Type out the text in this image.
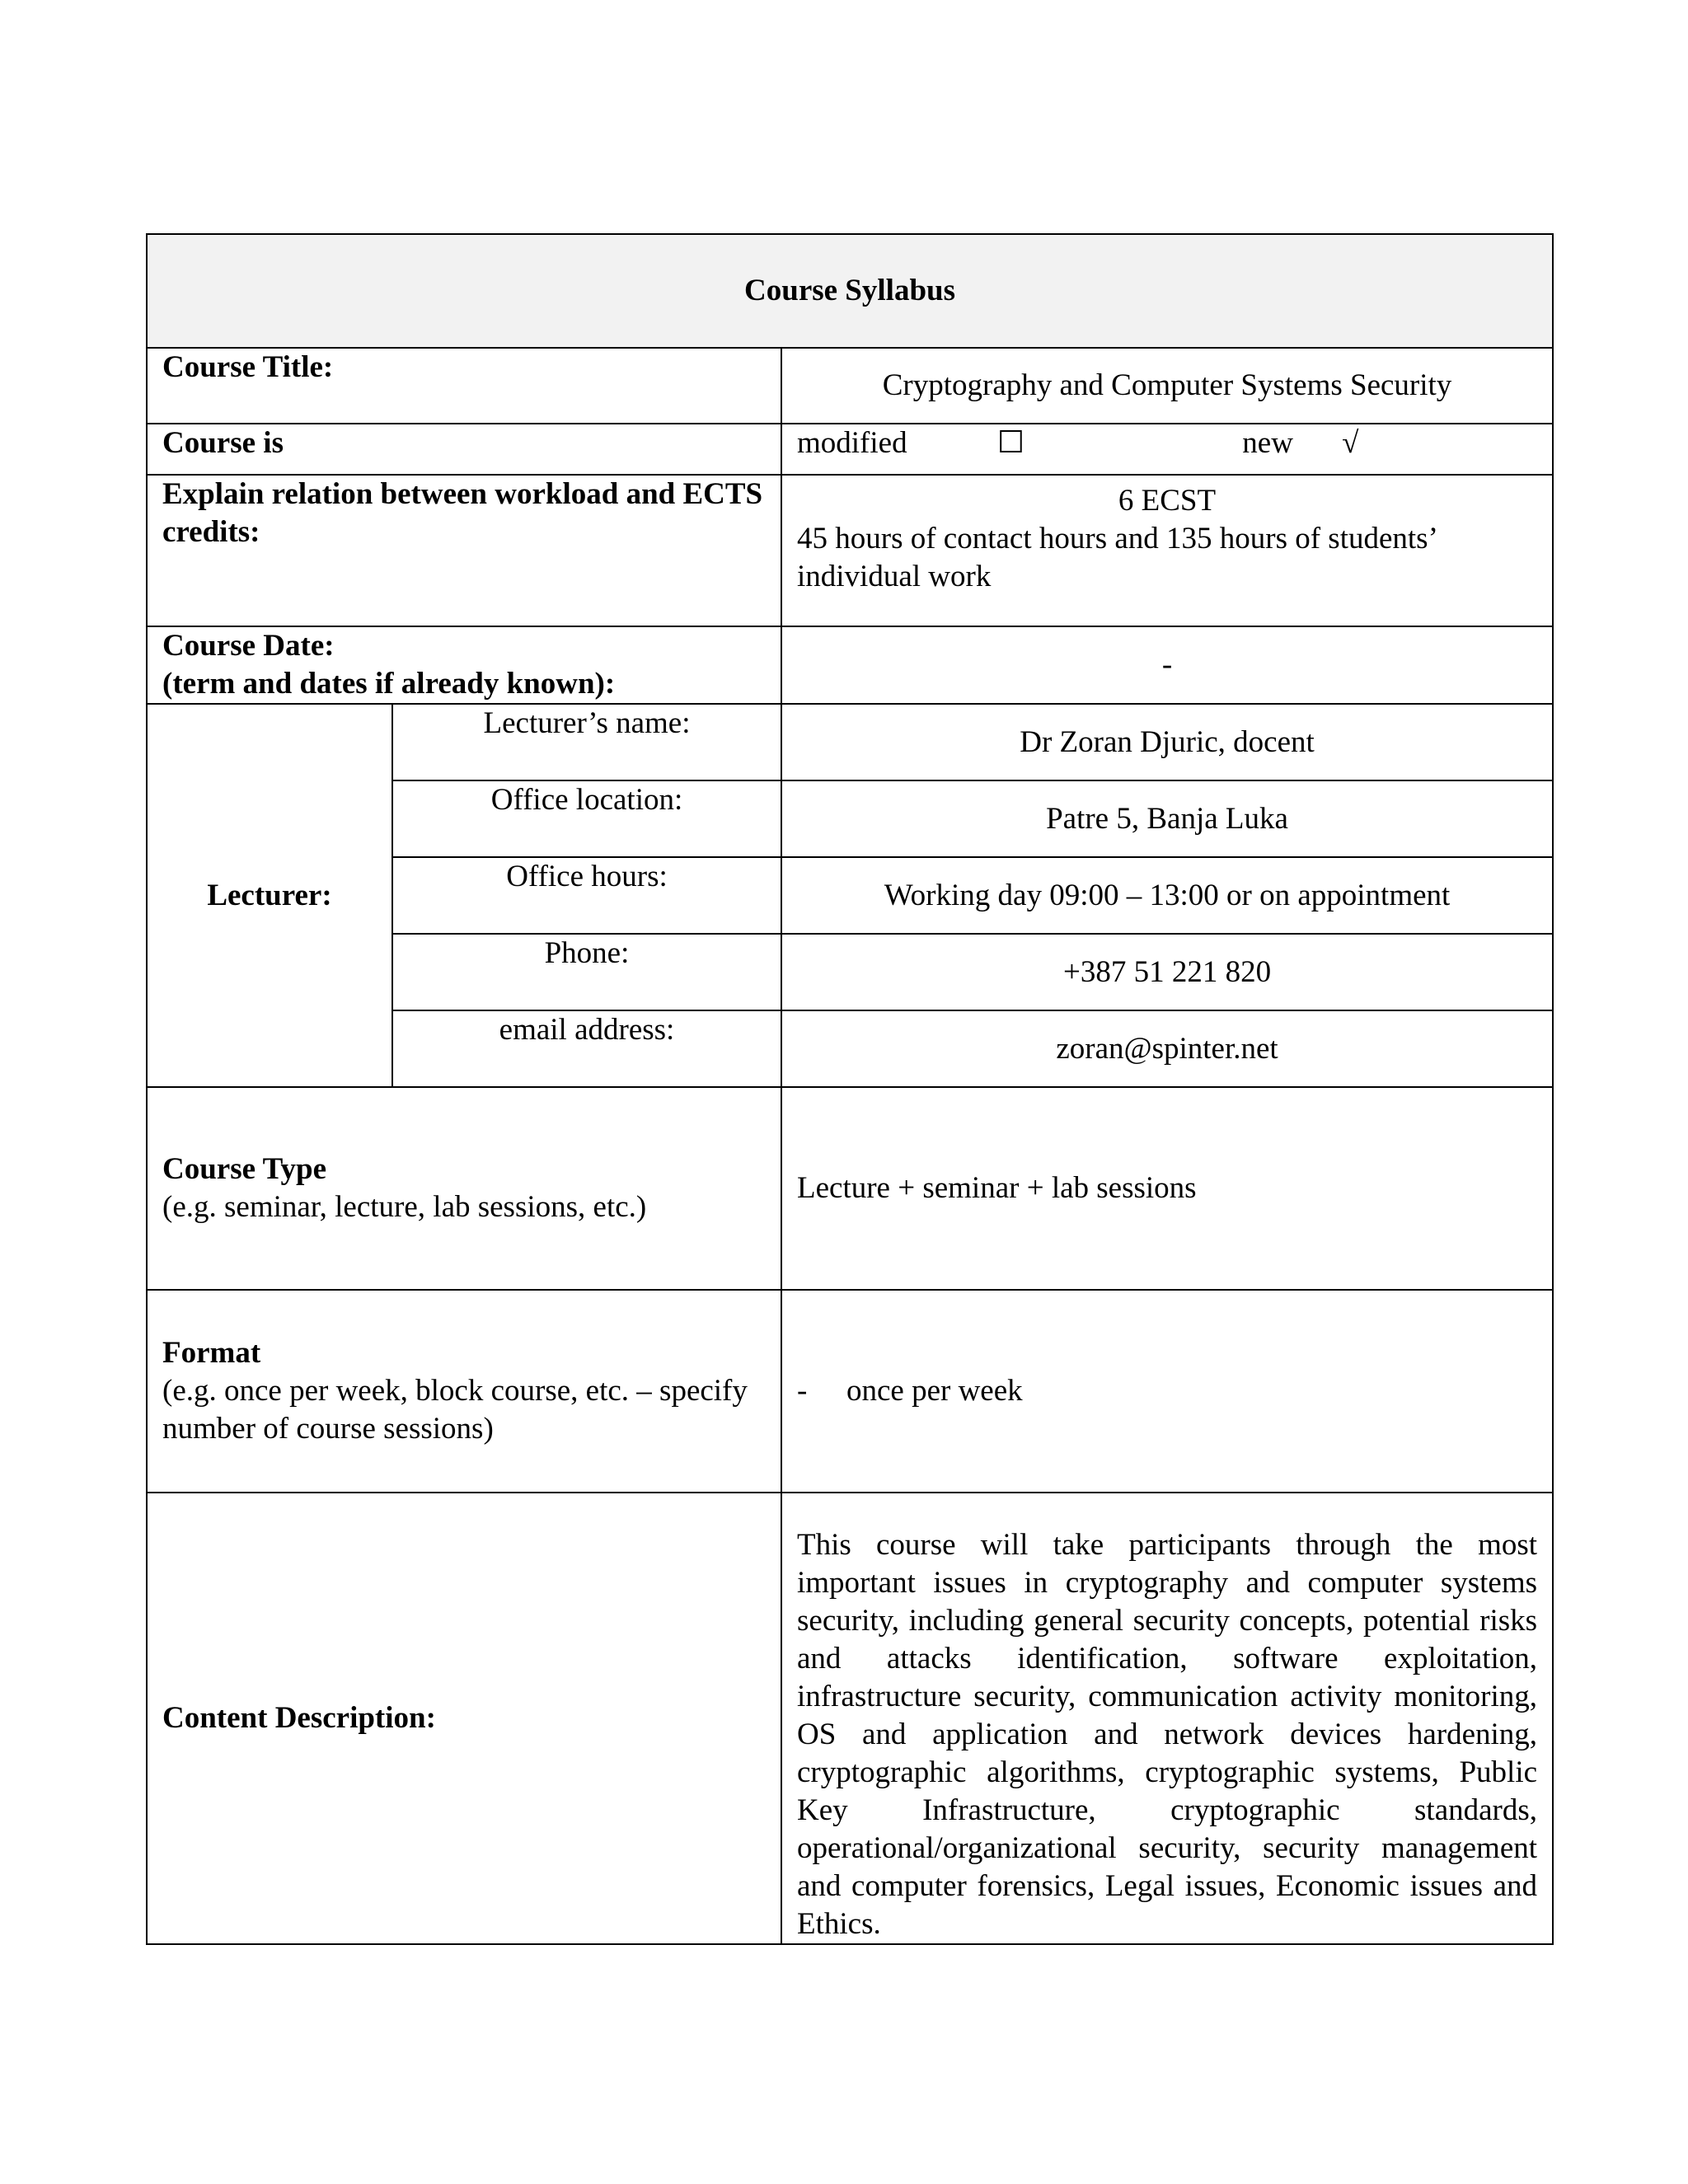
Course Syllabus		
Course Title:		Cryptography and Computer Systems Security
Course is		modified ☐ new √
Explain relation between workload and ECTS credits:		6 ECST
45 hours of contact hours and 135 hours of students’ individual work

Course Date:
(term and dates if already known):		-
Lecturer:	Lecturer’s name:	Dr Zoran Djuric, docent
	Office location:	Patre 5, Banja Luka
	Office hours:	Working day 09:00 – 13:00 or on appointment
	Phone:	+387 51 221 820
	email address:	zoran@spinter.net

Course Type
(e.g. seminar, lecture, lab sessions, etc.)		Lecture + seminar + lab sessions

Format
(e.g. once per week, block course, etc. – specify number of course sessions)		- once per week
Content Description:		This course will take participants through the most important issues in cryptography and computer systems security, including general security concepts, potential risks and attacks identification, software exploitation, infrastructure security, communication activity monitoring, OS and application and network devices hardening, cryptographic algorithms, cryptographic systems, Public Key Infrastructure, cryptographic standards, operational/organizational security, security management and computer forensics, Legal issues, Economic issues and Ethics.
